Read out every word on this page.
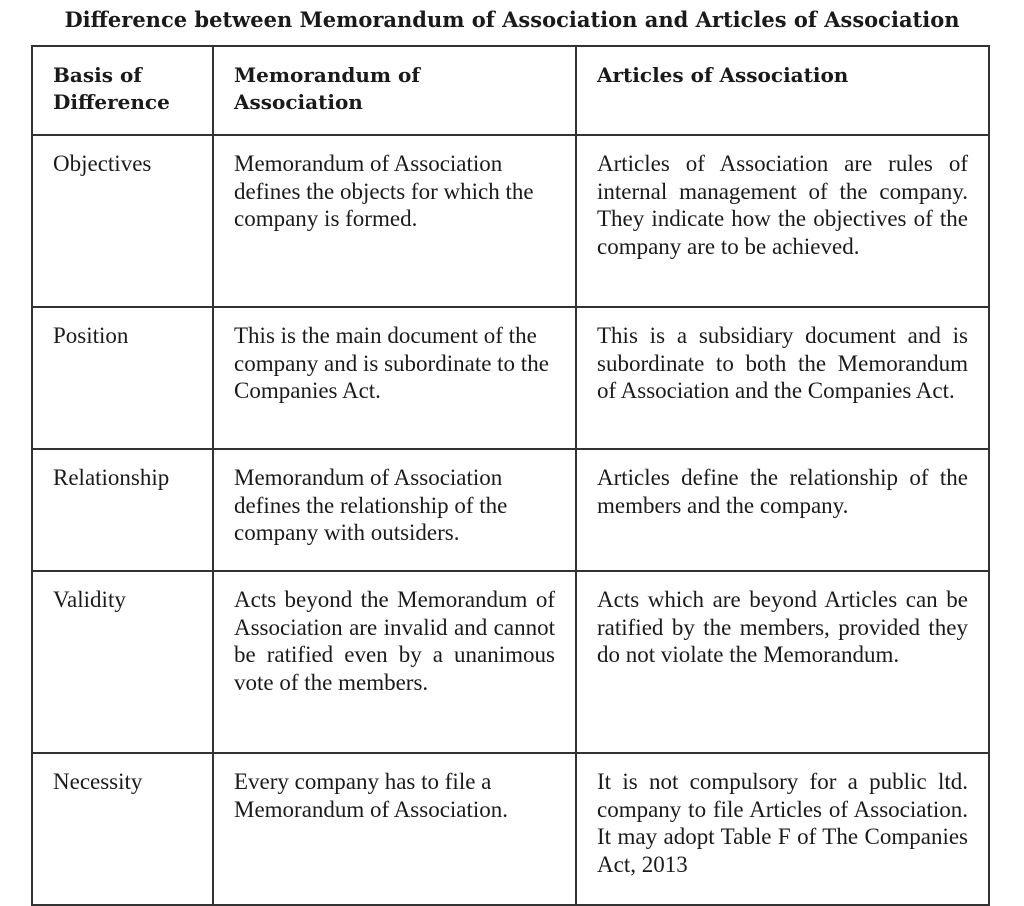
Difference between Memorandum of Association and Articles of Association
Basis of Difference	Memorandum of Association	Articles of Association
Objectives	Memorandum of Association defines the objects for which the company is formed.	Articles of Association are rules of internal management of the company. They indicate how the objectives of the company are to be achieved.
Position	This is the main document of the company and is subordinate to the Companies Act.	This is a subsidiary document and is subordinate to both the Memorandum of Association and the Companies Act.
Relationship	Memorandum of Association defines the relationship of the company with outsiders.	Articles define the relationship of the members and the company.
Validity	Acts beyond the Memorandum of Association are invalid and cannot be ratified even by a unanimous vote of the members.	Acts which are beyond Articles can be ratified by the members, provided they do not violate the Memorandum.
Necessity	Every company has to file a Memorandum of Association.	It is not compulsory for a public ltd. company to file Articles of Association. It may adopt Table F of The Companies Act, 2013
